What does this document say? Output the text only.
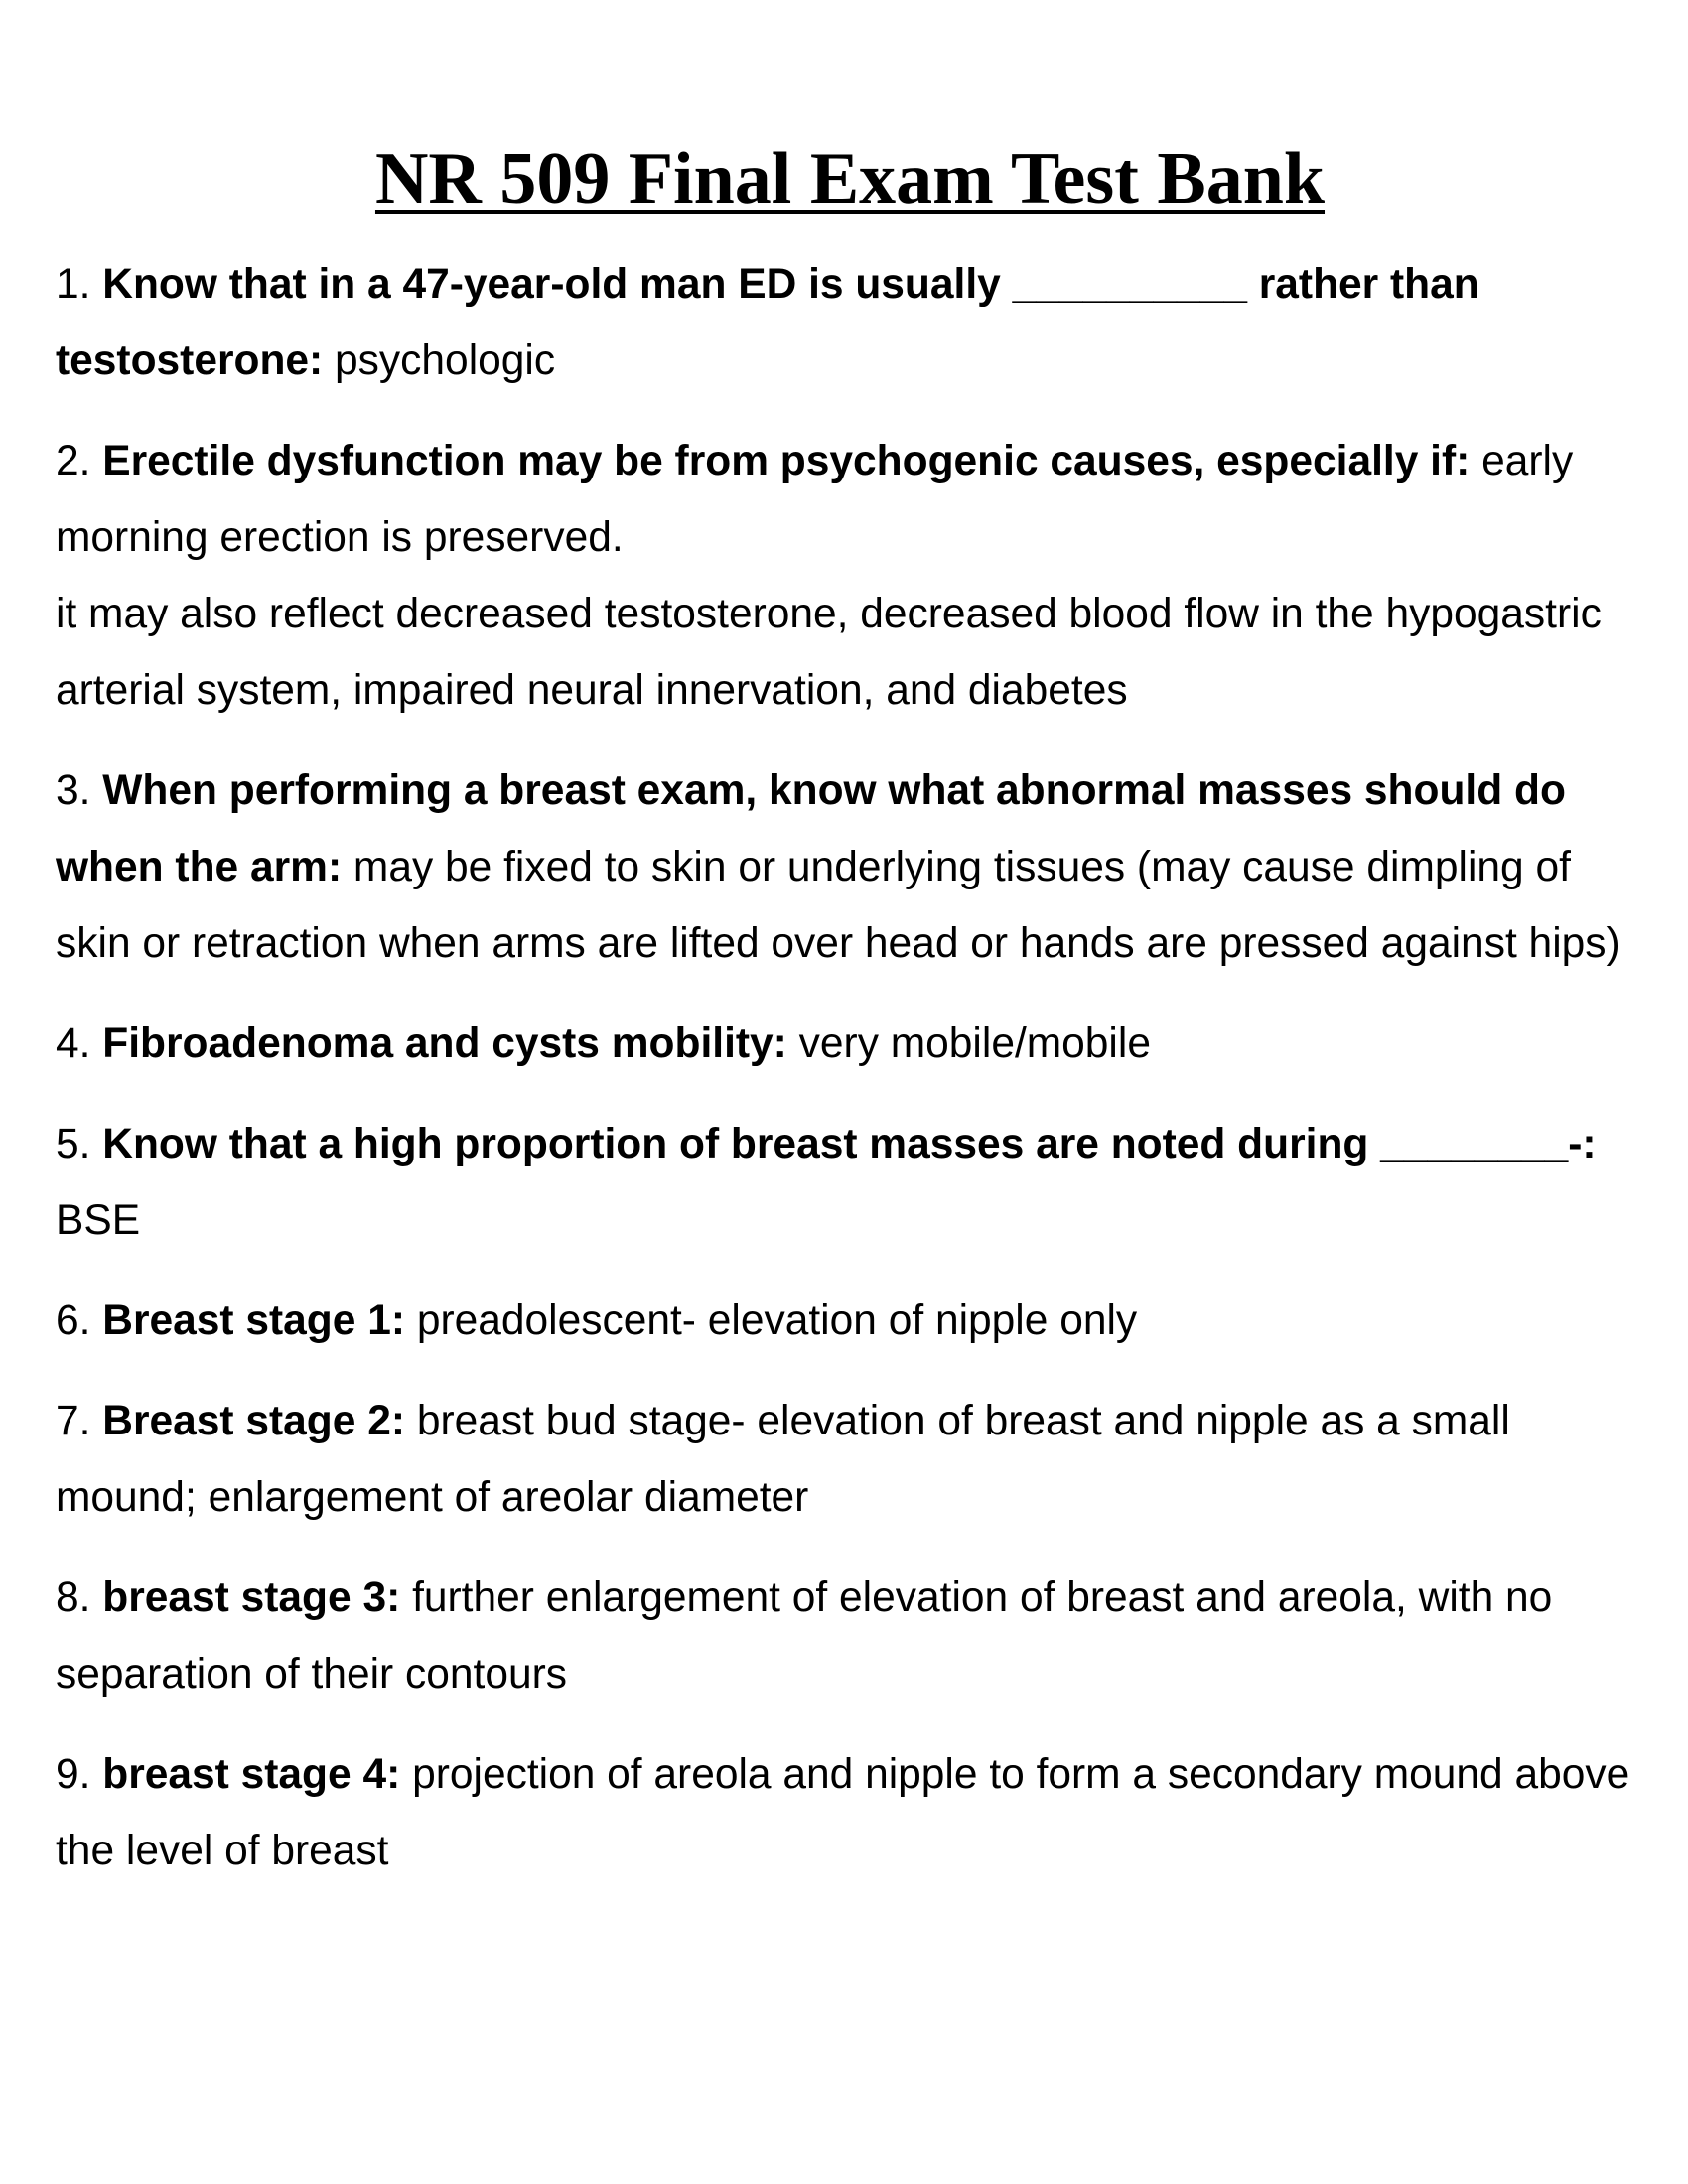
NR 509 Final Exam Test Bank

1. Know that in a 47-year-old man ED is usually __________ rather than testosterone: psychologic

2. Erectile dysfunction may be from psychogenic causes, especially if: early morning erection is preserved.
it may also reflect decreased testosterone, decreased blood flow in the hypogastric arterial system, impaired neural innervation, and diabetes

3. When performing a breast exam, know what abnormal masses should do when the arm: may be fixed to skin or underlying tissues (may cause dimpling of skin or retraction when arms are lifted over head or hands are pressed against hips)

4. Fibroadenoma and cysts mobility: very mobile/mobile

5. Know that a high proportion of breast masses are noted during ________-: BSE

6. Breast stage 1: preadolescent- elevation of nipple only

7. Breast stage 2: breast bud stage- elevation of breast and nipple as a small mound; enlargement of areolar diameter

8. breast stage 3: further enlargement of elevation of breast and areola, with no separation of their contours

9. breast stage 4: projection of areola and nipple to form a secondary mound above the level of breast
